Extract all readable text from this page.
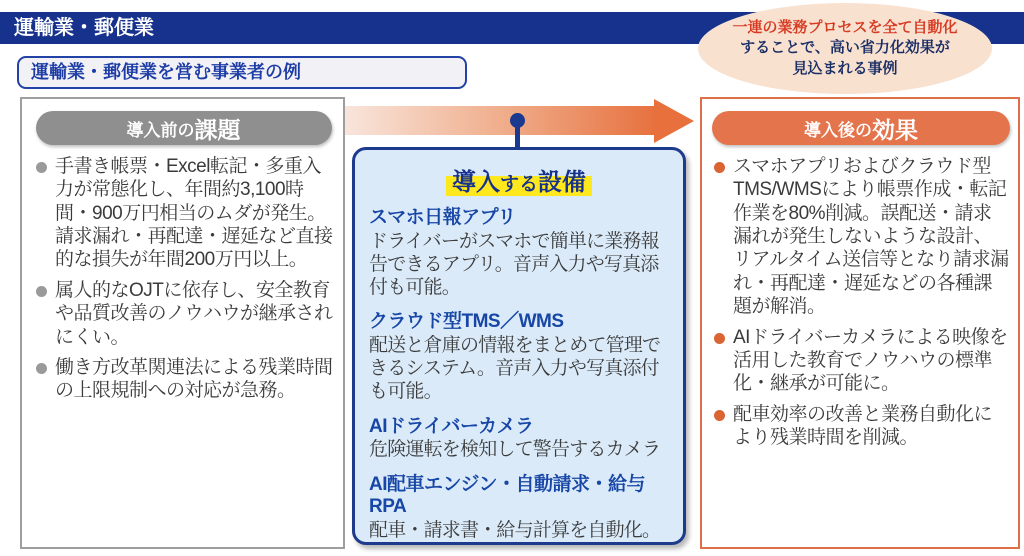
運輸業・郵便業	一連の業務プロセスを全て自動化
することで、高い省力化効果が
見込まれる事例
運輸業・郵便業を営む事業者の例
導入前の 課題
手書き帳票・Excel転記・多重入力が常態化し、年間約3,100時間・900万円相当のムダが発生。請求漏れ・再配達・遅延など直接的な損失が年間200万円以上。
属人的なOJTに依存し、安全教育や品質改善のノウハウが継承されにくい。
働き方改革関連法による残業時間の上限規制への対応が急務。
導入する設備
スマホ日報アプリ
ドライバーがスマホで簡単に業務報告できるアプリ。音声入力や写真添付も可能。
クラウド型TMS／WMS
配送と倉庫の情報をまとめて管理できるシステム。音声入力や写真添付も可能。
AIドライバーカメラ
危険運転を検知して警告するカメラ
AI配車エンジン・自動請求・給与RPA
配車・請求書・給与計算を自動化。
導入後の 効果
スマホアプリおよびクラウド型TMS/WMSにより帳票作成・転記作業を80%削減。誤配送・請求漏れが発生しないような設計、リアルタイム送信等となり請求漏れ・再配達・遅延などの各種課題が解消。
AIドライバーカメラによる映像を活用した教育でノウハウの標準化・継承が可能に。
配車効率の改善と業務自動化により残業時間を削減。
